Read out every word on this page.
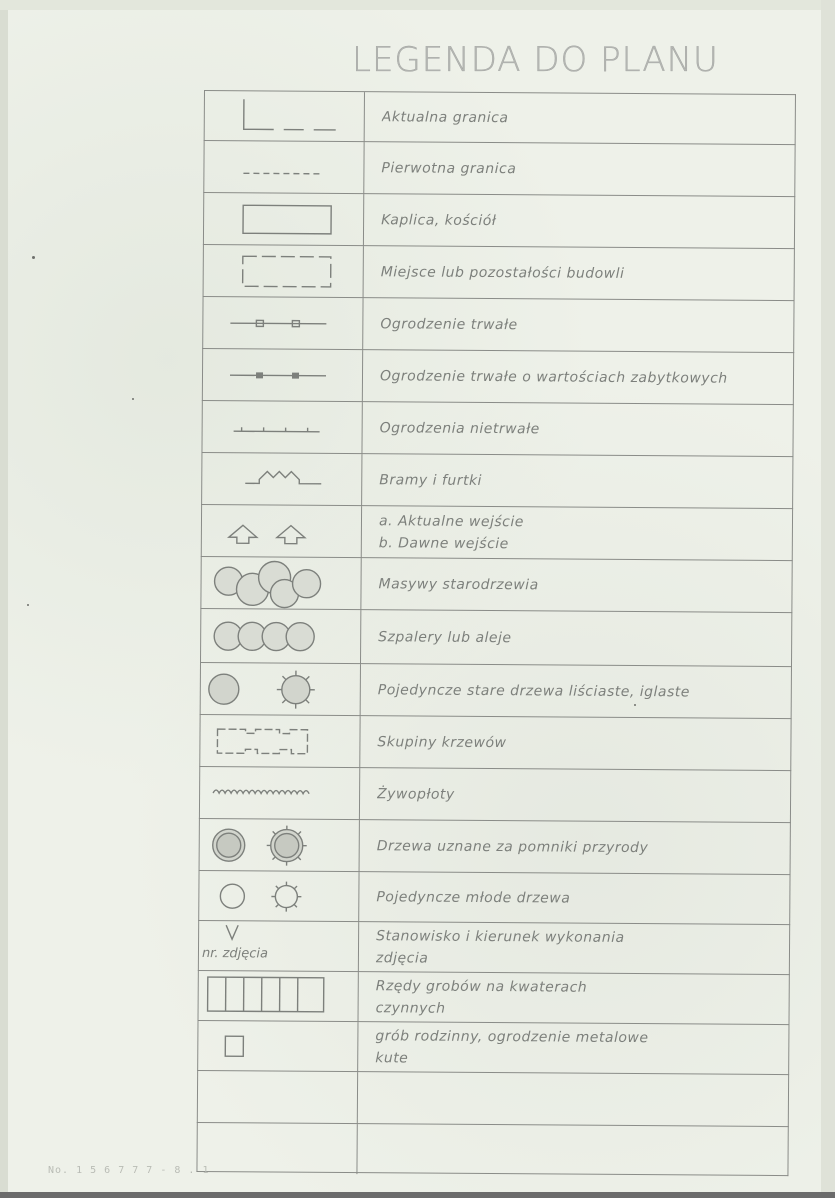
LEGENDA DO PLANU
Aktualna granica
Pierwotna granica
Kaplica, kościół
Miejsce lub pozostałości budowli
Ogrodzenie trwałe
Ogrodzenie trwałe o wartościach zabytkowych
Ogrodzenia nietrwałe
Bramy i furtki
a. Aktualne wejście
b. Dawne wejście
Masywy starodrzewia
Szpalery lub aleje
Pojedyncze stare drzewa liściaste, iglaste
Skupiny krzewów
Żywopłoty
Drzewa uznane za pomniki przyrody
Pojedyncze młode drzewa
nr. zdjęcia
Stanowisko i kierunek wykonania
zdjęcia
Rzędy grobów na kwaterach
czynnych
grób rodzinny, ogrodzenie metalowe
kute
No. 1 5 6 7 7 7 - 8 . 1
